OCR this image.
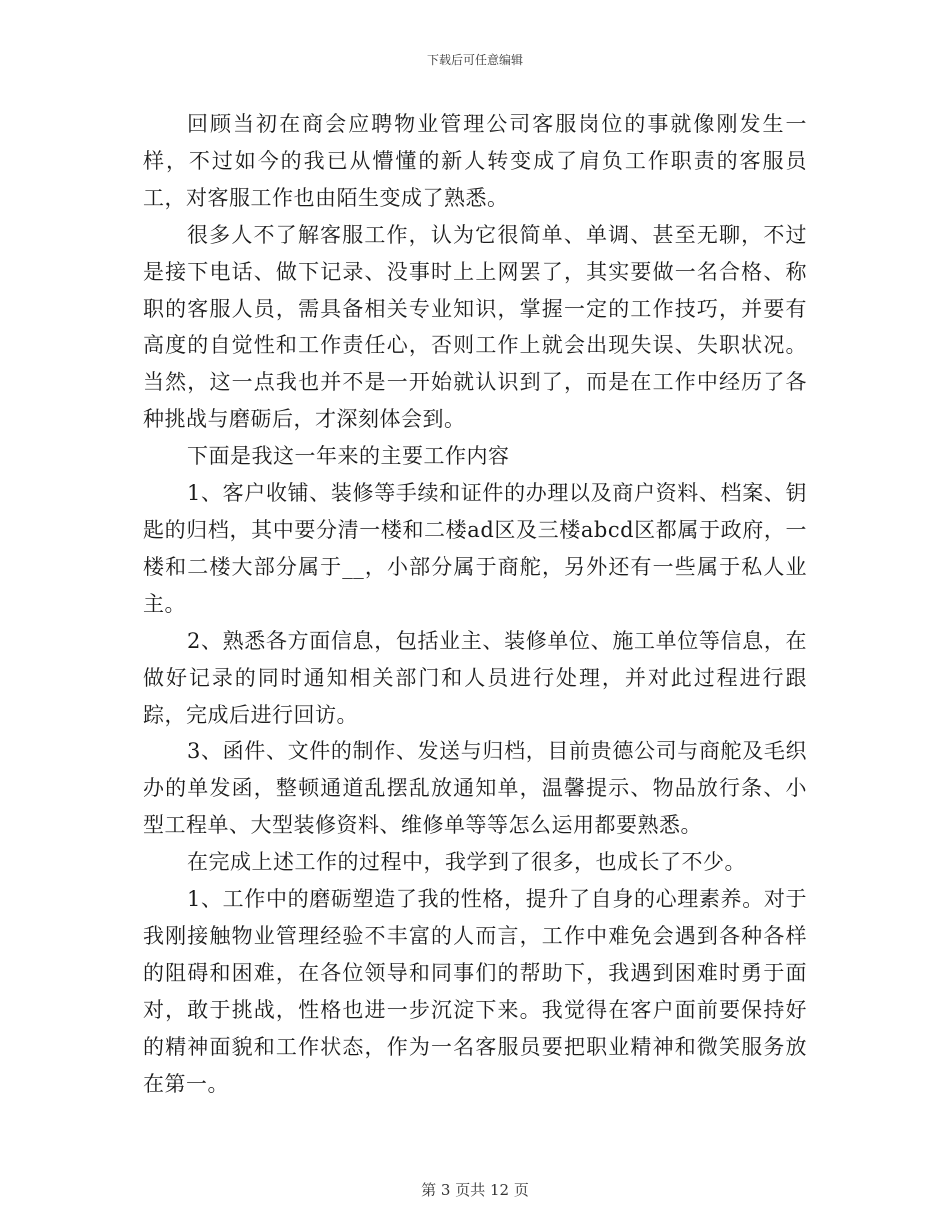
下载后可任意编辑

回顾当初在商会应聘物业管理公司客服岗位的事就像刚发生一样，不过如今的我已从懵懂的新人转变成了肩负工作职责的客服员工，对客服工作也由陌生变成了熟悉。

很多人不了解客服工作，认为它很简单、单调、甚至无聊，不过是接下电话、做下记录、没事时上上网罢了，其实要做一名合格、称职的客服人员，需具备相关专业知识，掌握一定的工作技巧，并要有高度的自觉性和工作责任心，否则工作上就会出现失误、失职状况。当然，这一点我也并不是一开始就认识到了，而是在工作中经历了各种挑战与磨砺后，才深刻体会到。

下面是我这一年来的主要工作内容

1、客户收铺、装修等手续和证件的办理以及商户资料、档案、钥匙的归档，其中要分清一楼和二楼ad区及三楼abcd区都属于政府，一楼和二楼大部分属于__，小部分属于商舵，另外还有一些属于私人业主。

2、熟悉各方面信息，包括业主、装修单位、施工单位等信息，在做好记录的同时通知相关部门和人员进行处理，并对此过程进行跟踪，完成后进行回访。

3、函件、文件的制作、发送与归档，目前贵德公司与商舵及毛织办的单发函，整顿通道乱摆乱放通知单，温馨提示、物品放行条、小型工程单、大型装修资料、维修单等等怎么运用都要熟悉。

在完成上述工作的过程中，我学到了很多，也成长了不少。

1、工作中的磨砺塑造了我的性格，提升了自身的心理素养。对于我刚接触物业管理经验不丰富的人而言，工作中难免会遇到各种各样的阻碍和困难，在各位领导和同事们的帮助下，我遇到困难时勇于面对，敢于挑战，性格也进一步沉淀下来。我觉得在客户面前要保持好的精神面貌和工作状态，作为一名客服员要把职业精神和微笑服务放在第一。

第 3 页共 12 页
